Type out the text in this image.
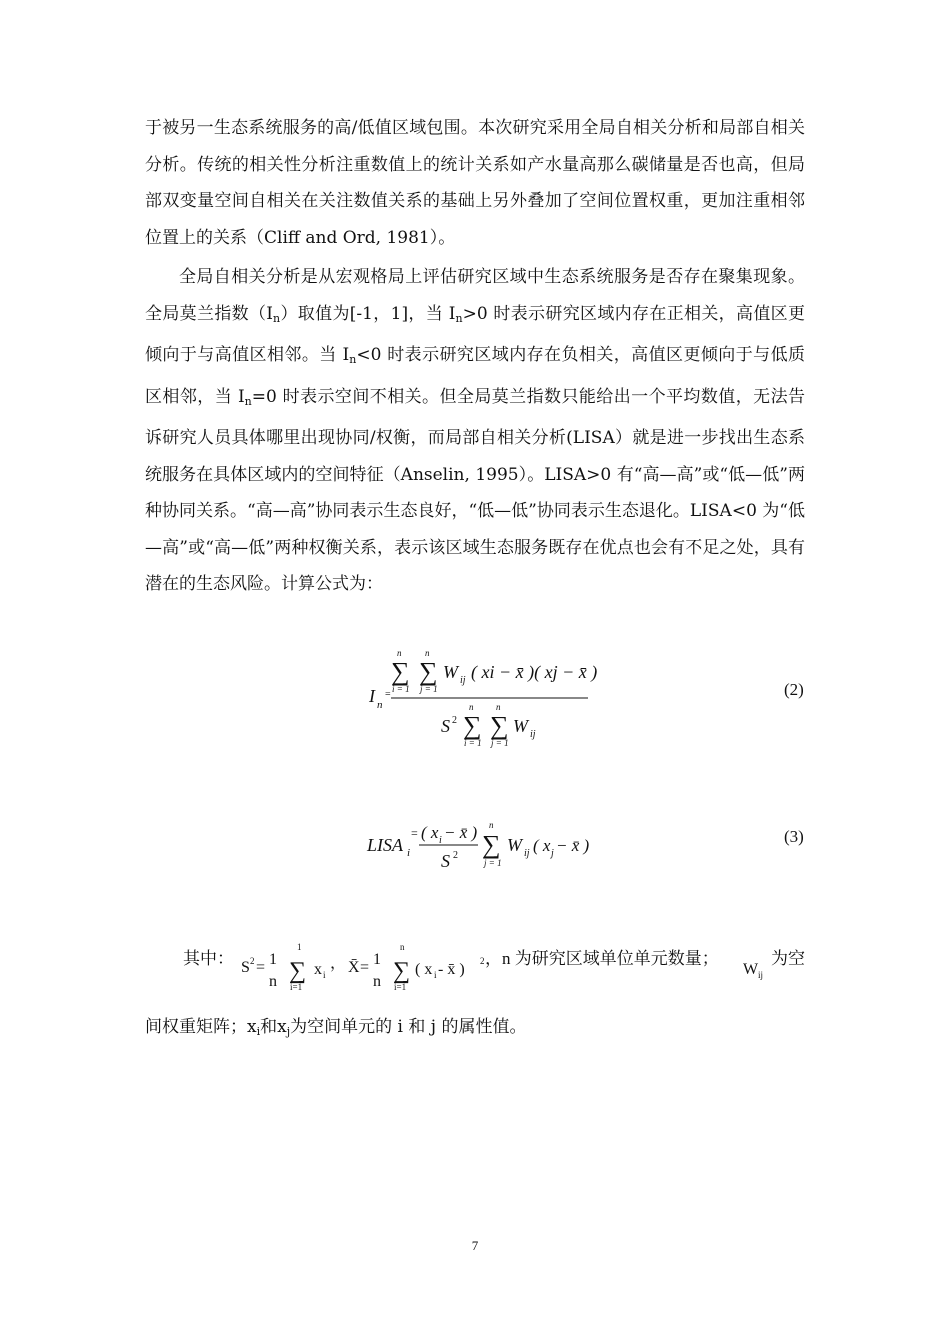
于被另一生态系统服务的高/低值区域包围。本次研究采用全局自相关分析和局部自相关分析。传统的相关性分析注重数值上的统计关系如产水量高那么碳储量是否也高，但局部双变量空间自相关在关注数值关系的基础上另外叠加了空间位置权重，更加注重相邻位置上的关系（Cliff and Ord, 1981）。

全局自相关分析是从宏观格局上评估研究区域中生态系统服务是否存在聚集现象。全局莫兰指数$(I_n)$取值为[-1，1]，当 $I_n>0$ 时表示研究区域内存在正相关，高值区更倾向于与高值区相邻。当 $I_n<0$ 时表示研究区域内存在负相关，高值区更倾向于与低质区相邻，当 $I_n=0$ 时表示空间不相关。但全局莫兰指数只能给出一个平均数值，无法告诉研究人员具体哪里出现协同/权衡，而局部自相关分析(LISA）就是进一步找出生态系统服务在具体区域内的空间特征（Anselin, 1995）。LISA>0 有“高—高”或“低—低”两种协同关系。“高—高”协同表示生态良好，“低—低”协同表示生态退化。LISA<0 为“低—高”或“高—低”两种权衡关系，表示该区域生态服务既存在优点也会有不足之处，具有潜在的生态风险。计算公式为：

I n
=
n
∑
i = 1
n
∑
j = 1
W ij ( xi − x̄ )( xj − x̄ )
S 2
n
∑
i = 1
n
∑
j = 1
W ij
(2)
LISA i
= ( x i − x̄ )
S 2
n
∑
j = 1
W ij ( x j − x̄ )	(3)
其中： S 2 = 1
n
1
∑
i=1
x i
， X̄ = 1
n
n
∑
i=1
( x i - x̄ ) 2 ，n 为研究区域单位单元数量；
W ij
为空
间权重矩阵；$x_i$和$x_j$为空间单元的 i 和 j 的属性值。
7
